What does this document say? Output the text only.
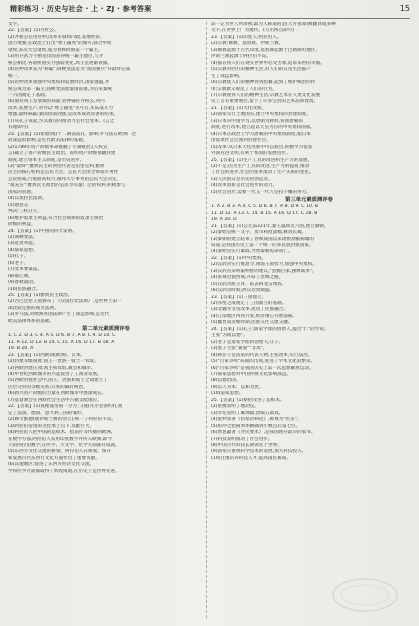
精彩练习 · 历史与社会 · 上 · ZJ · 参考答案	15
文字。
22.【答案】(1)丹杜公。
(2)齐桓公任用管仲,改革军制和内政,发展经济,
国力增强;在政治上打出"尊王攘夷"的旗号,联合中原
诸侯,多次大会诸侯,成为春秋时期第一个霸主。
(3)用兵武力不断征伐而获得统一霸主地位,与齐
桓公相比,各诸侯国实力强弱变化,周王室逐渐衰微。
(4)管仲改革发为"称霸";商鞅变法是为"富国强兵"并最终完成
统一。
(5)管仲改革加强中央集权和发展经济,国家强盛,齐
桓公成为第一霸主;商鞅变法使秦国富强,为后来秦统
一六国奠定了基础。
(6)面对周王室衰微的局面,管仲辅佐齐桓公,对内
改革,发展生产,对外以"尊王攘夷"为号召,军队战斗力
增强,最终称霸;秦国由弱到强,是改革成效显著的结果。
(7)从孔子说起,至其教育的推动力是社会变革。(言之
有理即可)
23.【答案】(1)希腊(或(十二铜表法))。影响:罗马法在欧洲广泛
而深远的影响,是近代欧美法律的基础。
(2)1789年资产阶级革命推翻了专制统治,(人权宣
言)确立了资产阶级民主政治。说明资产阶级推翻封建
制度,建立资本主义制度,是历史进步。
(3)"最终":雅典民主的典型代表是伯里克利,雅典
民主的核心机构是公民大会。公民大会由全体成年男性
公民组成,行使最高权力,城邦大小事务由公民大会决定。
"最充实":雅典民主政治的公民享有最广泛的权利,积极参与
国家的管理。
(4)汉谟拉比法典。
(5)德意志
判决:三权分立。
(6)维护奴隶主利益,符合社会规律的奴隶主统治
阶级的利益。
24.【答案】(1)中国的四大发明。
(2)商鞅变法。
(3)选贤举能。
(4)儒家思想。
(5)孔子。
(6)老子。
(7)变革要靠法。
(8)都江堰。
(9)春秋战国。
(10)民族融合。
25.【答案】(1)雅典民主政治。
(2)古巴比伦王国颁布了《汉谟拉比法典》,是世界上第一
部比较完整的成文法典。
(3)罗马法,对欧洲各国法律产生了深远影响,是近代
欧美法律体系的基础。
第二单元素质测评卷
1. C 2. D 3. C 4. A 5. D 6. B 7. A 8. C 9. D 10. C
11. A 12. D 13. B 14. C 15. A 16. D 17. B 18. A
19. B 20. A
21.【答案】(1)西欧(或欧洲)、日本。
(2)封建等级制度:国王一贵族一骑士一农奴。
(3)西欧封建庄园;领主和农奴,教会和城市。
(4)中世纪西欧城市的兴起促进了工商业发展。
(5)西欧封建社会中,国王、贵族和骑士之间建立了
层层分封的等级关系;日本的幕府统治。
(6)新兴资产阶级的力量在西欧城市中逐渐成长。
(7)基督教会在西欧社会生活中占据支配地位。
22.【答案】(1)查理曼帝国一分为三(或(凡尔登条约)),奠
定了法国、德国、意大利三国的雏形。
(2)穆罕默德(或伊斯兰教的创立),统一了阿拉伯半岛。
(3)阿拉伯帝国的文化承上启下,贡献巨大。
(4)阿拉伯人把中国的造纸术、指南针等传播到欧洲,
在数学方面,阿拉伯人采用印度数字并传入欧洲,即今
天的阿拉伯数字;在医学、天文学、化学方面都有成就。
(5)东西方文化交流的桥梁。阿拉伯人在吸收、保存
和发展古代东西方文化方面作出了重要贡献。
(6)其他地区:促进了东西方经济文化交流。
学和医学方面都取得了辉煌成就,在历史上是世界先进。
品一定为世人所珍视;最为人称道的是(天方夜谭)被翻译成多种
文字,在世界上广为流传。(写出两点即可)
23.【答案】(1)印度人;阿拉伯人。
(2)宗教:佛教、基督教、伊斯兰教。
(3)佛教起源于古代印度,基督教起源于巴勒斯坦地区,
伊斯兰教起源于阿拉伯半岛。
(4)都宣扬人们在现实世界中忍受苦难,追求来世的幸福。
(5)宗教对西方的精神生活,对人们的日常生活都产
生了深远影响。
(6)宗教使人们的精神得到慰藉,起到了维护统治的作
用;宗教教义规范了人们的行为。
(7)宗教使得人们的精神生活,宗教艺术在人类文化发展
史上占有重要地位,留下了许多宝贵的艺术品和建筑。
21.【答案】(1)大化改新。
(2)国家实行土地国有,建立中央集权的封建制度。
(3)日本向中国学习,以唐朝为榜样,仿照唐朝的
制度,进行改革,建立起以天皇为首的中央集权国家。
(4)日本在政治上学习唐朝的中央集权制度,使日本
由奴隶社会过渡到封建社会。
(5)改革:从日本大化改新中可以看出,积极学习借鉴
外国先进文明,有利于本国的发展进步。
25.【答案】(1)生产工具的改进和生产力的发展。
(2)不是,因为生产工具的改进,生产力的提高,推动
了社会的进步,社会的变革推动了生产关系的变化。
(3)人民群众是历史的创造者。
(4)改革创新是社会进步的动力。
(5)社会进步,需要一代又一代人坚持不懈的努力。
第三单元素质测评卷
1. A 2. B 3. A 4. C 5. D 6. B 7. A 8. D 9. C 10. B
11. D 12. A 13. C 14. B 15. A 16. D 17. C 18. B
19. A 20. D
21.【答案】(1)公元前221年,秦王嬴政灭六国,建立秦朝。
(2)秦始皇统一文字、货币和度量衡,修筑长城。
(3)秦朝的建立结束了春秋战国以来诸侯割据称雄的
局面,是我国历史上第一个统一的多民族封建国家。
(4)秦始皇实行暴政,导致秦朝短命而亡。
22.【答案】(1)中央集权。
(2)汉武帝实行推恩令,削弱王国势力,加强中央集权。
(3)汉武帝采纳董仲舒的建议,"罢黜百家,独尊儒术"。
(4)张骞出使西域,开辟了丝绸之路。
(5)汉武帝派卫青、霍去病北击匈奴。
(6)汉武帝时期,西汉达到鼎盛。
23.【答案】(1)三国鼎立。
(2)赤壁之战奠定了三国鼎立的基础。
(3)北魏孝文帝改革,促进了民族融合。
(4)江南地区得到开发,经济重心开始南移。
(5)魏晋南北朝时期,民族交往交流交融。
24.【答案】(1)孔子;儒家学派的创始人,提出"仁"的学说,
主张"为政以德"。
(2)老子是道家学派的创始人;庄子。
(3)墨子主张"兼爱""非攻"。
(4)韩非子是法家的代表人物,主张改革,实行法治。
(5)"百家争鸣"局面的出现,促进了学术文化的繁荣。
(6)"百家争鸣"是我国历史上第一次思想解放运动。
(7)儒家思想对中国传统文化影响深远。
(8)以德治国。
(9)以人为本、以和为贵。
(10)道家思想。
25.【答案】(1)蔡伦改进了造纸术。
(2)张衡发明了地动仪。
(3)华佗发明了麻沸散,创编五禽戏。
(4)张仲景著《伤寒杂病论》,被尊为"医圣"。
(5)祖冲之把圆周率精确到小数点后第七位。
(6)贾思勰著《齐民要术》,是我国现存最早的农书。
(7)科技发明推动了社会进步。
(8)中国古代科技长期领先于世界。
(9)国家应重视科学技术的发展,加大科技投入。
(10)注重培养科技人才,提高国民素质。
